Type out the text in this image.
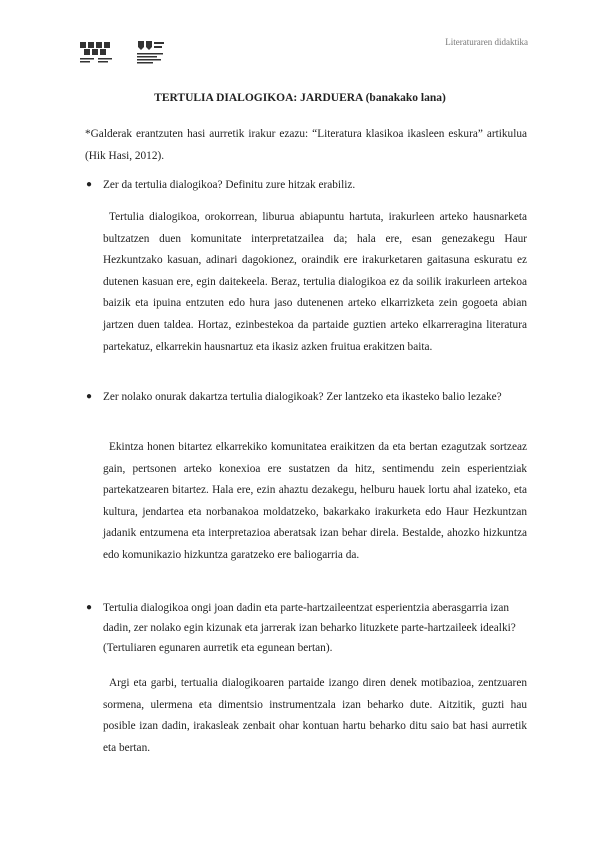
Literaturaren didaktika
TERTULIA DIALOGIKOA: JARDUERA (banakako lana)
*Galderak erantzuten hasi aurretik irakur ezazu: “Literatura klasikoa ikasleen eskura” artikulua (Hik Hasi, 2012).
● Zer da tertulia dialogikoa? Definitu zure hitzak erabiliz.
Tertulia dialogikoa, orokorrean, liburua abiapuntu hartuta, irakurleen arteko hausnarketa bultzatzen duen komunitate interpretatzailea da; hala ere, esan genezakegu Haur Hezkuntzako kasuan, adinari dagokionez, oraindik ere irakurketaren gaitasuna eskuratu ez dutenen kasuan ere, egin daitekeela. Beraz, tertulia dialogikoa ez da soilik irakurleen artekoa baizik eta ipuina entzuten edo hura jaso dutenenen arteko elkarrizketa zein gogoeta abian jartzen duen taldea. Hortaz, ezinbestekoa da partaide guztien arteko elkarreragina literatura partekatuz, elkarrekin hausnartuz eta ikasiz azken fruitua erakitzen baita.
● Zer nolako onurak dakartza tertulia dialogikoak? Zer lantzeko eta ikasteko balio lezake?
Ekintza honen bitartez elkarrekiko komunitatea eraikitzen da eta bertan ezagutzak sortzeaz gain, pertsonen arteko konexioa ere sustatzen da hitz, sentimendu zein esperientziak partekatzearen bitartez. Hala ere, ezin ahaztu dezakegu, helburu hauek lortu ahal izateko, eta kultura, jendartea eta norbanakoa moldatzeko, bakarkako irakurketa edo Haur Hezkuntzan jadanik entzumena eta interpretazioa aberatsak izan behar direla. Bestalde, ahozko hizkuntza edo komunikazio hizkuntza garatzeko ere baliogarria da.
● Tertulia dialogikoa ongi joan dadin eta parte-hartzaileentzat esperientzia aberasgarria izan dadin, zer nolako egin kizunak eta jarrerak izan beharko lituzkete parte-hartzaileek idealki? (Tertuliaren egunaren aurretik eta egunean bertan).
Argi eta garbi, tertualia dialogikoaren partaide izango diren denek motibazioa, zentzuaren sormena, ulermena eta dimentsio instrumentzala izan beharko dute. Aitzitik, guzti hau posible izan dadin, irakasleak zenbait ohar kontuan hartu beharko ditu saio bat hasi aurretik eta bertan.
